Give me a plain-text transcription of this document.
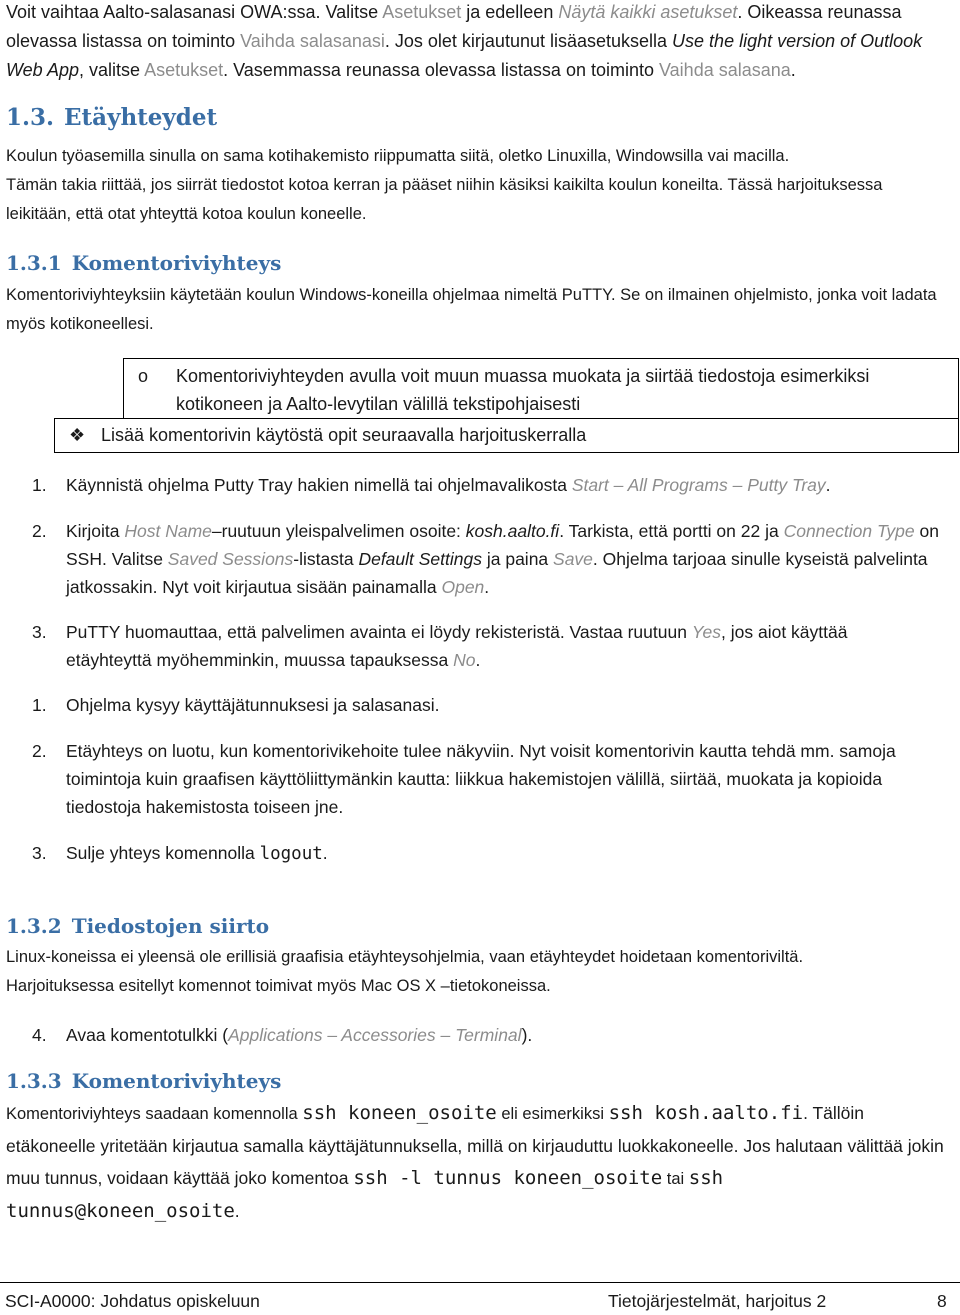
Voit vaihtaa Aalto-salasanasi OWA:ssa. Valitse Asetukset ja edelleen Näytä kaikki asetukset. Oikeassa reunassa olevassa listassa on toiminto Vaihda salasanasi. Jos olet kirjautunut lisäasetuksella Use the light version of Outlook Web App, valitse Asetukset. Vasemmassa reunassa olevassa listassa on toiminto Vaihda salasana.

1.3. Etäyhteydet

Koulun työasemilla sinulla on sama kotihakemisto riippumatta siitä, oletko Linuxilla, Windowsilla vai macilla.

Tämän takia riittää, jos siirrät tiedostot kotoa kerran ja pääset niihin käsiksi kaikilta koulun koneilta. Tässä harjoituksessa leikitään, että otat yhteyttä kotoa koulun koneelle.

1.3.1 Komentoriviyhteys

Komentoriviyhteyksiin käytetään koulun Windows-koneilla ohjelmaa nimeltä PuTTY. Se on ilmainen ohjelmisto, jonka voit ladata myös kotikoneellesi.

o	Komentoriviyhteyden avulla voit muun muassa muokata ja siirtää tiedostoja esimerkiksi kotikoneen ja Aalto-levytilan välillä tekstipohjaisesti
❖ Lisää komentorivin käytöstä opit seuraavalla harjoituskerralla
1.	Käynnistä ohjelma Putty Tray hakien nimellä tai ohjelmavalikosta Start – All Programs – Putty Tray.
2.	Kirjoita Host Name–ruutuun yleispalvelimen osoite: kosh.aalto.fi. Tarkista, että portti on 22 ja Connection Type on SSH. Valitse Saved Sessions-listasta Default Settings ja paina Save. Ohjelma tarjoaa sinulle kyseistä palvelinta jatkossakin. Nyt voit kirjautua sisään painamalla Open.
3.	PuTTY huomauttaa, että palvelimen avainta ei löydy rekisteristä. Vastaa ruutuun Yes, jos aiot käyttää etäyhteyttä myöhemminkin, muussa tapauksessa No.
1.	Ohjelma kysyy käyttäjätunnuksesi ja salasanasi.
2.	Etäyhteys on luotu, kun komentorivikehoite tulee näkyviin. Nyt voisit komentorivin kautta tehdä mm. samoja toimintoja kuin graafisen käyttöliittymänkin kautta: liikkua hakemistojen välillä, siirtää, muokata ja kopioida tiedostoja hakemistosta toiseen jne.
3.	Sulje yhteys komennolla logout.
1.3.2 Tiedostojen siirto

Linux-koneissa ei yleensä ole erillisiä graafisia etäyhteysohjelmia, vaan etäyhteydet hoidetaan komentoriviltä.

Harjoituksessa esitellyt komennot toimivat myös Mac OS X –tietokoneissa.

4.	Avaa komentotulkki (Applications – Accessories – Terminal).
1.3.3 Komentoriviyhteys

Komentoriviyhteys saadaan komennolla ssh koneen_osoite eli esimerkiksi ssh kosh.aalto.fi. Tällöin etäkoneelle yritetään kirjautua samalla käyttäjätunnuksella, millä on kirjauduttu luokkakoneelle. Jos halutaan välittää jokin muu tunnus, voidaan käyttää joko komentoa ssh -l tunnus koneen_osoite tai ssh tunnus@koneen_osoite.

SCI-A0000: Johdatus opiskeluun	Tietojärjestelmät, harjoitus 2	8
